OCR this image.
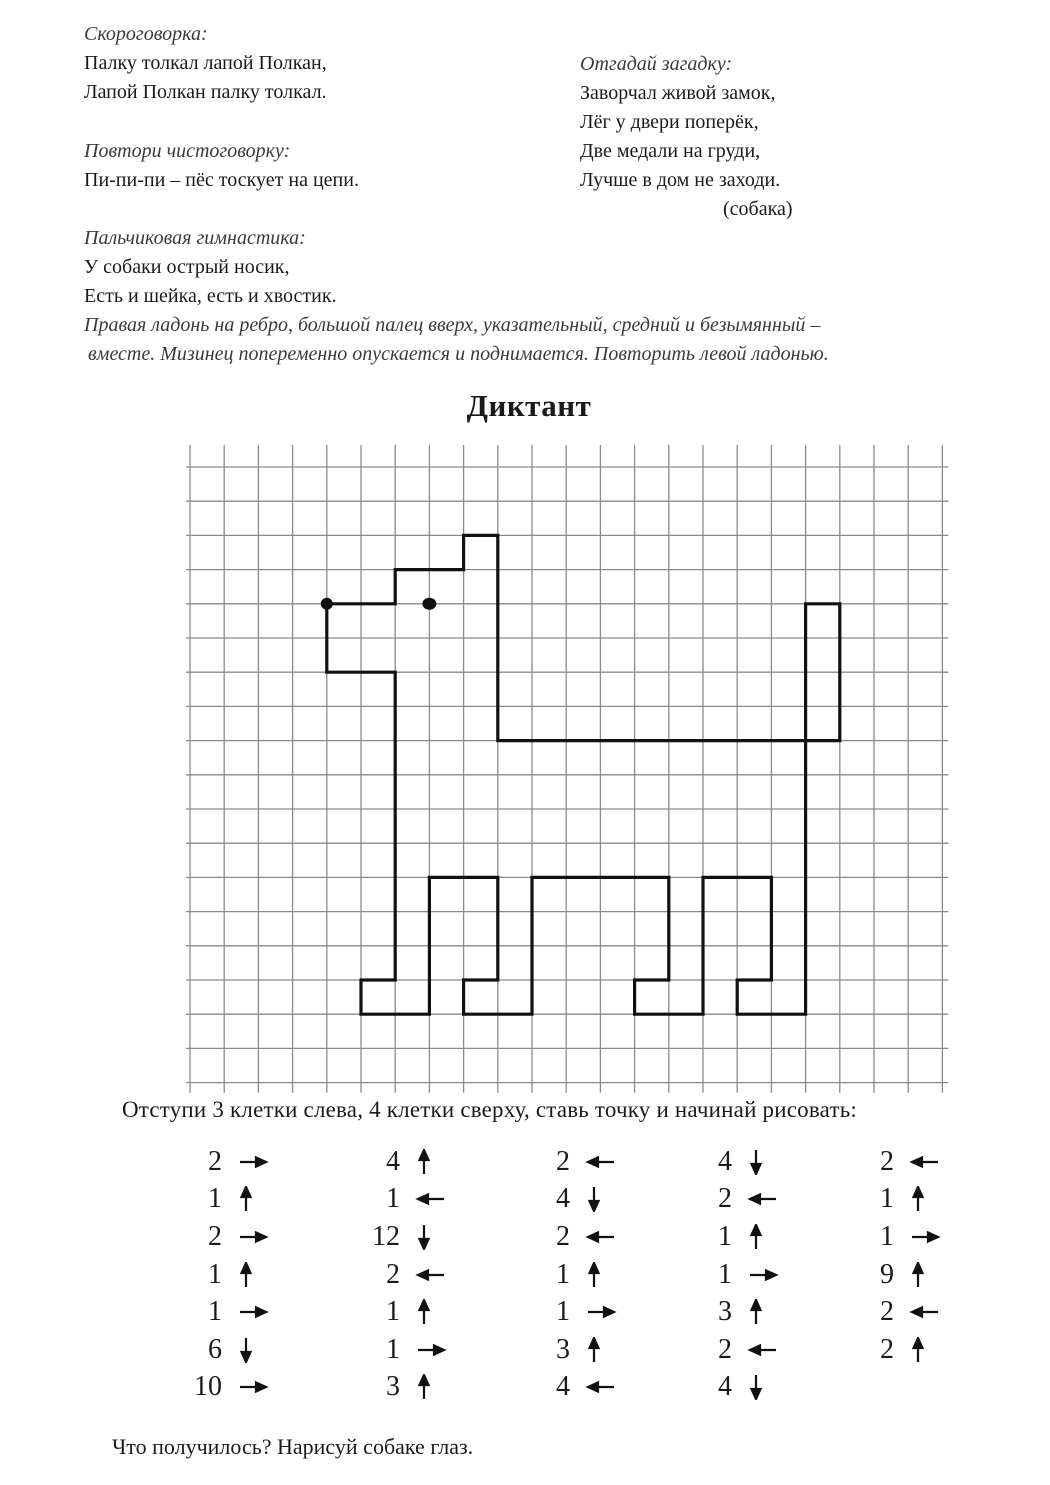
Скороговорка:
Палку толкал лапой Полкан,
Лапой Полкан палку толкал.
Повтори чистоговорку:
Пи-пи-пи – пёс тоскует на цепи.
Пальчиковая гимнастика:
У собаки острый носик,
Есть и шейка, есть и хвостик.
Правая ладонь на ребро, большой палец вверх, указательный, средний и безымянный –
вместе. Мизинец попеременно опускается и поднимается. Повторить левой ладонью.
Отгадай загадку:
Заворчал живой замок,
Лёг у двери поперёк,
Две медали на груди,
Лучше в дом не заходи.
(собака)
Диктант
Отступи 3 клетки слева, 4 клетки сверху, ставь точку и начинай рисовать:
2
1
2
1
1
6
10
4
1
12
2
1
1
3
2
4
2
1
1
3
4
4
2
1
1
3
2
4
2
1
1
9
2
2
Что получилось? Нарисуй собаке глаз.
